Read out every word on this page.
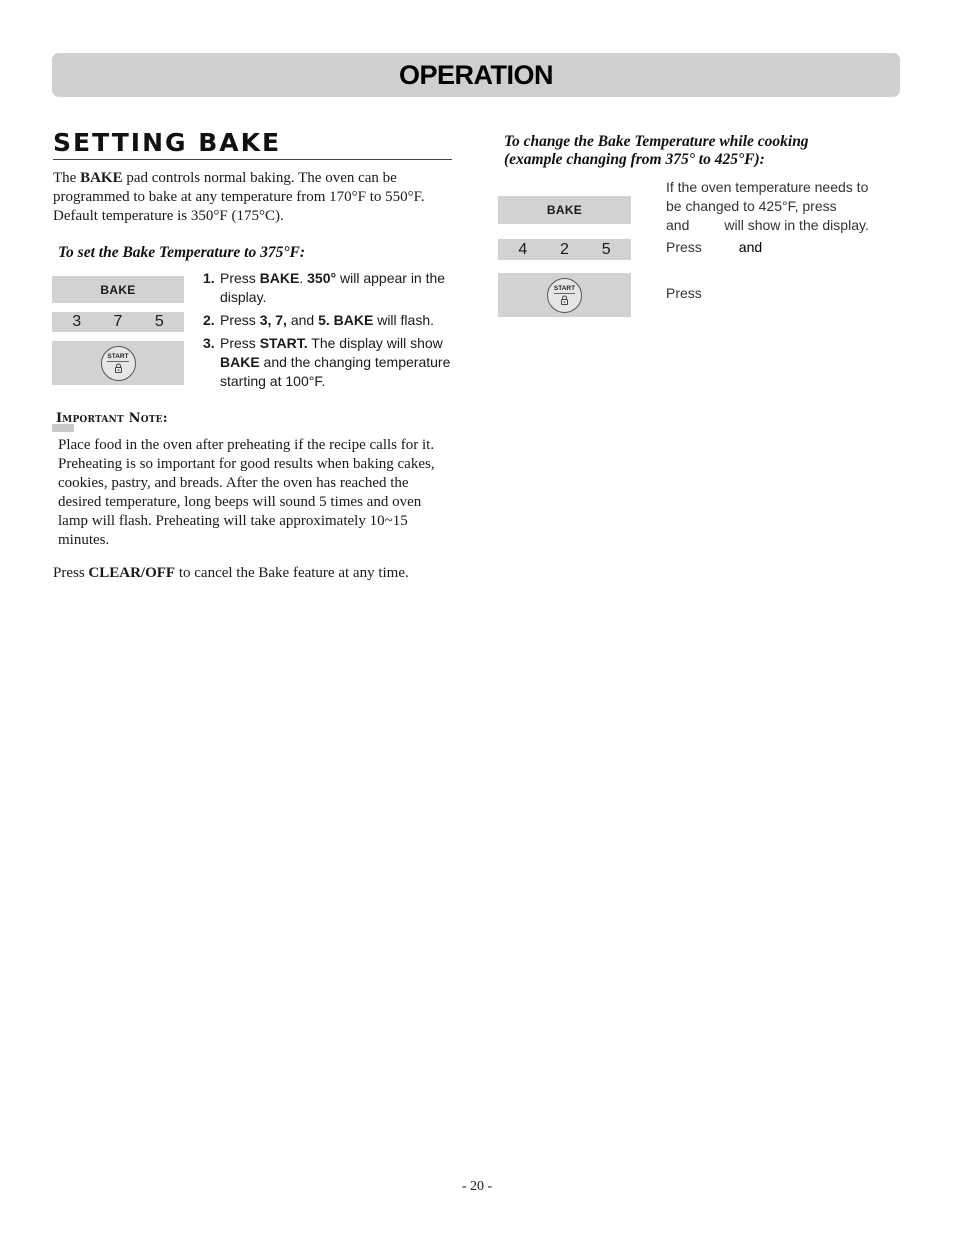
OPERATION
SETTING BAKE
The BAKE pad controls normal baking. The oven can be programmed to bake at any temperature from 170°F to 550°F. Default temperature is 350°F (175°C).
To set the Bake Temperature to 375°F:
BAKE
3 7 5
START
1. Press BAKE. 350° will appear in the display.
2. Press 3, 7, and 5. BAKE will flash.
3. Press START. The display will show BAKE and the changing temperature starting at 100°F.
Important Note:
Place food in the oven after preheating if the recipe calls for it. Preheating is so important for good results when baking cakes, cookies, pastry, and breads. After the oven has reached the desired temperature, long beeps will sound 5 times and oven lamp will flash. Preheating will take approximately 10~15 minutes.
Press CLEAR/OFF to cancel the Bake feature at any time.
To change the Bake Temperature while cooking
(example changing from 375° to 425°F):
BAKE
4 2 5
START
If the oven temperature needs to
be changed to 425°F, press
and	will show in the display.
Press	and
Press
- 20 -
